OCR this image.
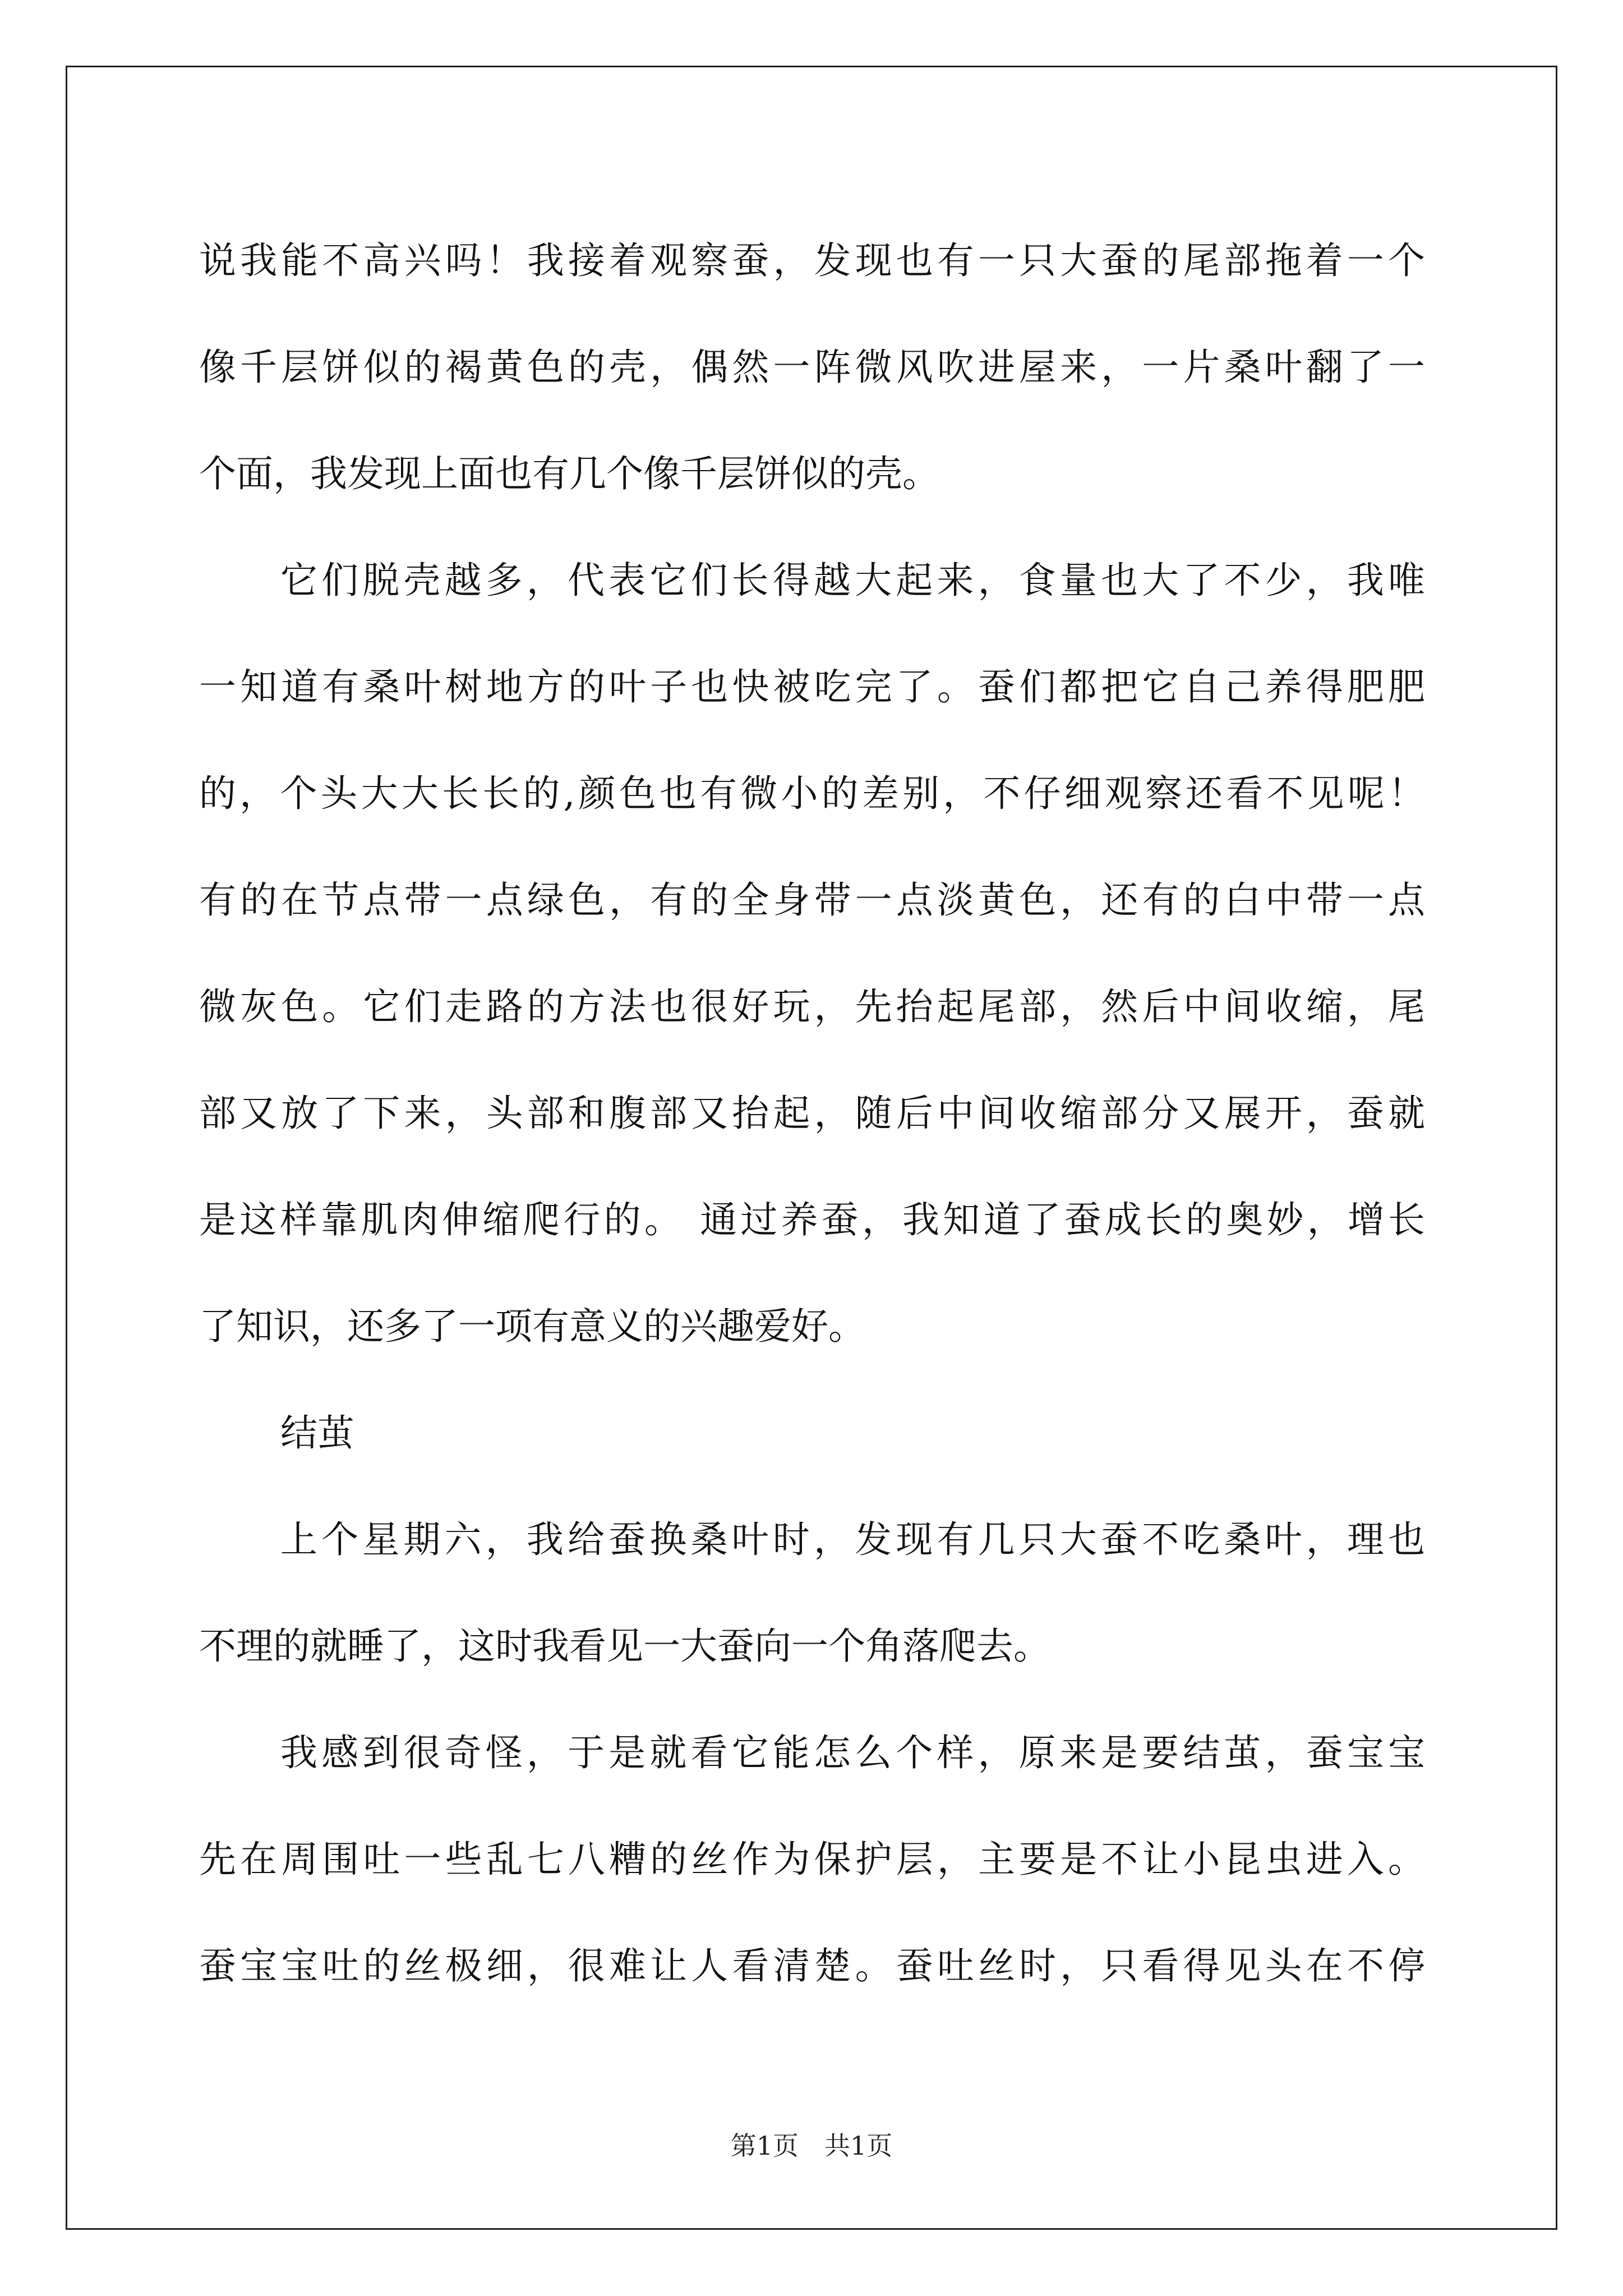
说我能不高兴吗！我接着观察蚕，发现也有一只大蚕的尾部拖着一个
像千层饼似的褐黄色的壳，偶然一阵微风吹进屋来，一片桑叶翻了一
个面，我发现上面也有几个像千层饼似的壳。
它们脱壳越多，代表它们长得越大起来，食量也大了不少，我唯
一知道有桑叶树地方的叶子也快被吃完了。蚕们都把它自己养得肥肥
的，个头大大长长的,颜色也有微小的差别，不仔细观察还看不见呢！
有的在节点带一点绿色，有的全身带一点淡黄色，还有的白中带一点
微灰色。它们走路的方法也很好玩，先抬起尾部，然后中间收缩，尾
部又放了下来，头部和腹部又抬起，随后中间收缩部分又展开，蚕就
是这样靠肌肉伸缩爬行的。 通过养蚕，我知道了蚕成长的奥妙，增长
了知识，还多了一项有意义的兴趣爱好。
结茧
上个星期六，我给蚕换桑叶时，发现有几只大蚕不吃桑叶，理也
不理的就睡了，这时我看见一大蚕向一个角落爬去。
我感到很奇怪，于是就看它能怎么个样，原来是要结茧，蚕宝宝
先在周围吐一些乱七八糟的丝作为保护层，主要是不让小昆虫进入。
蚕宝宝吐的丝极细，很难让人看清楚。蚕吐丝时，只看得见头在不停
第1页 共1页
